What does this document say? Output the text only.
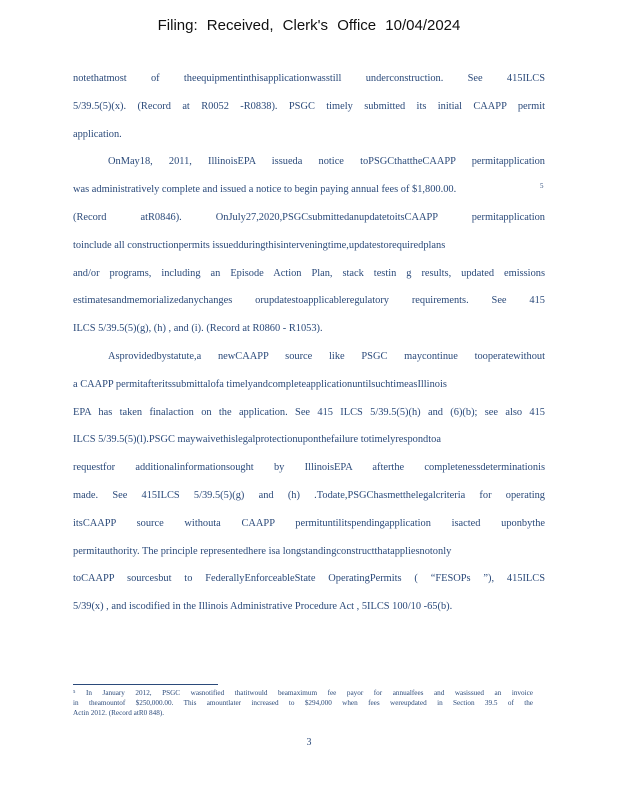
Filing: Received, Clerk's Office 10/04/2024
notethatmost of theequipmentinthisapplicationwasstill underconstruction. See 415ILCS
5/39.5(5)(x). (Record at R0052 -R0838). PSGC timely submitted its initial CAAPP permit
application.
OnMay18, 2011, IllinoisEPA issueda notice toPSGCthattheCAAPP permitapplication
was administratively complete and issued a notice to begin paying annual fees of $1,800.00.
(Record atR0846). OnJuly27,2020,PSGCsubmittedanupdatetoitsCAAPP permitapplication
toinclude all constructionpermits issuedduringthisinterveningtime,updatestorequiredplans
and/or programs, including an Episode Action Plan, stack testin g results, updated emissions
estimatesandmemorializedanychanges orupdatestoapplicableregulatory requirements. See 415
ILCS 5/39.5(5)(g), (h) , and (i). (Record at R0860 - R1053).
Asprovidedbystatute,a newCAAPP source like PSGC maycontinue tooperatewithout
a CAAPP permitafteritssubmittalofa timelyandcompleteapplicationuntilsuchtimeasIllinois
EPA has taken finalaction on the application. See 415 ILCS 5/39.5(5)(h) and (6)(b); see also 415
ILCS 5/39.5(5)(l).PSGC maywaivethislegalprotectionuponthefailure totimelyrespondtoa
requestfor additionalinformationsought by IllinoisEPA afterthe completenessdeterminationis
made. See 415ILCS 5/39.5(5)(g) and (h) .Todate,PSGChasmetthelegalcriteria for operating
itsCAAPP source withouta CAAPP permituntilitspendingapplication isacted uponbythe
permitauthority. The principle representedhere isa longstandingconstructthatappliesnotonly
toCAAPP sourcesbut to FederallyEnforceableState OperatingPermits ( “FESOPs ”), 415ILCS
5/39(x) , and iscodified in the Illinois Administrative Procedure Act , 5ILCS 100/10 -65(b).
5
⁵ In January 2012, PSGC wasnotified thatitwould beamaximum fee payor for annualfees and wasissued an invoice
in theamountof $250,000.00. This amountlater increased to $294,000 when fees wereupdated in Section 39.5 of the
Actin 2012. (Record atR0 848).
3
